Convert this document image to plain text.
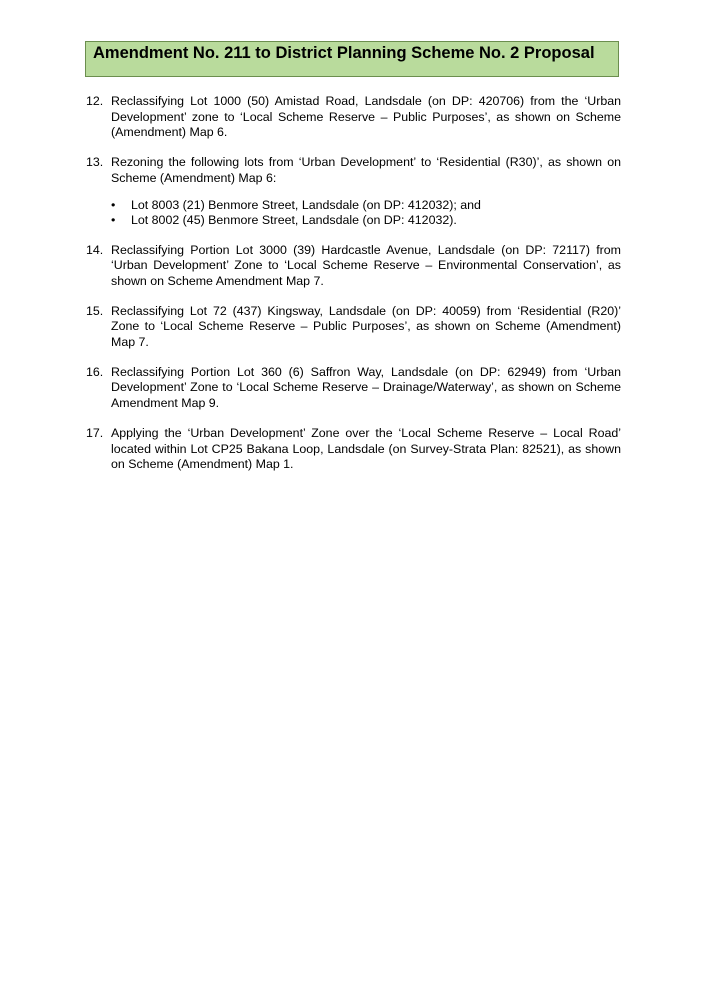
Amendment No. 211 to District Planning Scheme No. 2 Proposal
12. Reclassifying Lot 1000 (50) Amistad Road, Landsdale (on DP: 420706) from the ‘Urban Development’ zone to ‘Local Scheme Reserve – Public Purposes’, as shown on Scheme (Amendment) Map 6.
13. Rezoning the following lots from ‘Urban Development’ to ‘Residential (R30)’, as shown on Scheme (Amendment) Map 6:
• Lot 8003 (21) Benmore Street, Landsdale (on DP: 412032); and
• Lot 8002 (45) Benmore Street, Landsdale (on DP: 412032).
14. Reclassifying Portion Lot 3000 (39) Hardcastle Avenue, Landsdale (on DP: 72117) from ‘Urban Development’ Zone to ‘Local Scheme Reserve – Environmental Conservation’, as shown on Scheme Amendment Map 7.
15. Reclassifying Lot 72 (437) Kingsway, Landsdale (on DP: 40059) from ‘Residential (R20)’ Zone to ‘Local Scheme Reserve – Public Purposes’, as shown on Scheme (Amendment) Map 7.
16. Reclassifying Portion Lot 360 (6) Saffron Way, Landsdale (on DP: 62949) from ‘Urban Development’ Zone to ‘Local Scheme Reserve – Drainage/Waterway’, as shown on Scheme Amendment Map 9.
17. Applying the ‘Urban Development’ Zone over the ‘Local Scheme Reserve – Local Road’ located within Lot CP25 Bakana Loop, Landsdale (on Survey-Strata Plan: 82521), as shown on Scheme (Amendment) Map 1.
